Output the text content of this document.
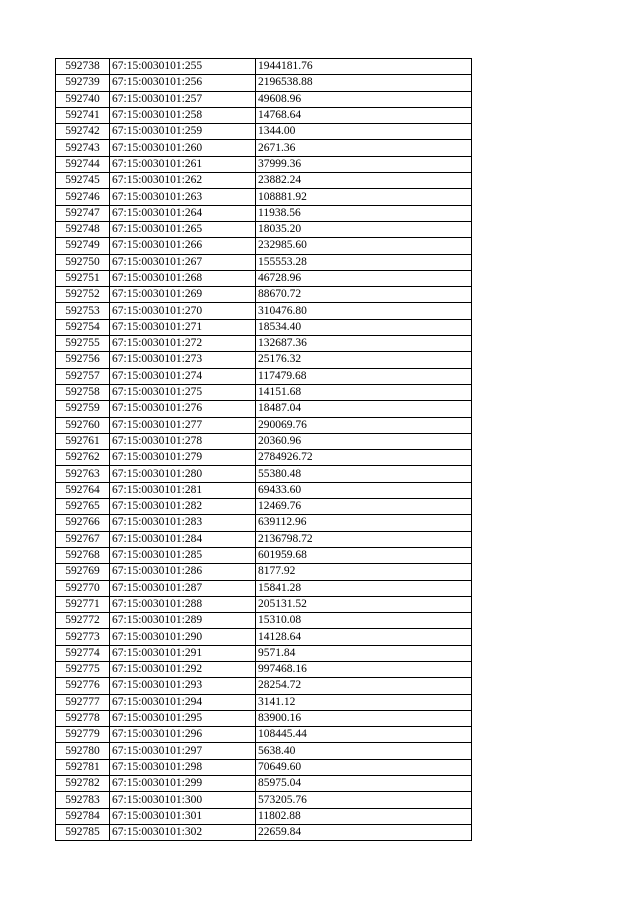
592738	67:15:0030101:255	1944181.76
592739	67:15:0030101:256	2196538.88
592740	67:15:0030101:257	49608.96
592741	67:15:0030101:258	14768.64
592742	67:15:0030101:259	1344.00
592743	67:15:0030101:260	2671.36
592744	67:15:0030101:261	37999.36
592745	67:15:0030101:262	23882.24
592746	67:15:0030101:263	108881.92
592747	67:15:0030101:264	11938.56
592748	67:15:0030101:265	18035.20
592749	67:15:0030101:266	232985.60
592750	67:15:0030101:267	155553.28
592751	67:15:0030101:268	46728.96
592752	67:15:0030101:269	88670.72
592753	67:15:0030101:270	310476.80
592754	67:15:0030101:271	18534.40
592755	67:15:0030101:272	132687.36
592756	67:15:0030101:273	25176.32
592757	67:15:0030101:274	117479.68
592758	67:15:0030101:275	14151.68
592759	67:15:0030101:276	18487.04
592760	67:15:0030101:277	290069.76
592761	67:15:0030101:278	20360.96
592762	67:15:0030101:279	2784926.72
592763	67:15:0030101:280	55380.48
592764	67:15:0030101:281	69433.60
592765	67:15:0030101:282	12469.76
592766	67:15:0030101:283	639112.96
592767	67:15:0030101:284	2136798.72
592768	67:15:0030101:285	601959.68
592769	67:15:0030101:286	8177.92
592770	67:15:0030101:287	15841.28
592771	67:15:0030101:288	205131.52
592772	67:15:0030101:289	15310.08
592773	67:15:0030101:290	14128.64
592774	67:15:0030101:291	9571.84
592775	67:15:0030101:292	997468.16
592776	67:15:0030101:293	28254.72
592777	67:15:0030101:294	3141.12
592778	67:15:0030101:295	83900.16
592779	67:15:0030101:296	108445.44
592780	67:15:0030101:297	5638.40
592781	67:15:0030101:298	70649.60
592782	67:15:0030101:299	85975.04
592783	67:15:0030101:300	573205.76
592784	67:15:0030101:301	11802.88
592785	67:15:0030101:302	22659.84
